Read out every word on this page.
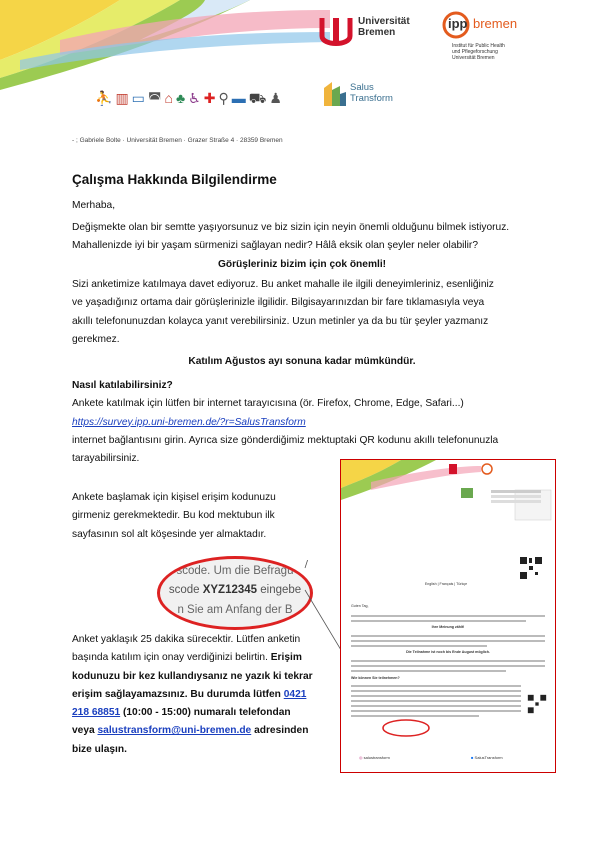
⛹ ▥ ▭ ◚ ⌂ ♣ ♿ ✚ ⚲ ▬ ⛟ ♟
Universität
Bremen
ipp bremen
Institut für Public Health
und Pflegeforschung
Universität Bremen
Salus
Transform
- ; Gabriele Bolte · Universität Bremen · Grazer Straße 4 · 28359 Bremen
Çalışma Hakkında Bilgilendirme
Merhaba,
Değişmekte olan bir semtte yaşıyorsunuz ve biz sizin için neyin önemli olduğunu bilmek istiyoruz.
Mahallenizde iyi bir yaşam sürmenizi sağlayan nedir? Hâlâ eksik olan şeyler neler olabilir?
Görüşleriniz bizim için çok önemli!
Sizi anketimize katılmaya davet ediyoruz. Bu anket mahalle ile ilgili deneyimleriniz, esenliğiniz
ve yaşadığınız ortama dair görüşlerinizle ilgilidir. Bilgisayarınızdan bir fare tıklamasıyla veya
akıllı telefonunuzdan kolayca yanıt verebilirsiniz. Uzun metinler ya da bu tür şeyler yazmanız
gerekmez.
Katılım Ağustos ayı sonuna kadar mümkündür.
Nasıl katılabilirsiniz?
Ankete katılmak için lütfen bir internet tarayıcısına (ör. Firefox, Chrome, Edge, Safari...)
https://survey.ipp.uni-bremen.de/?r=SalusTransform
internet bağlantısını girin. Ayrıca size gönderdiğimiz mektuptaki QR kodunu akıllı telefonunuzla
tarayabilirsiniz.
Ankete başlamak için kişisel erişim kodunuzu
girmeniz gerekmektedir. Bu kod mektubun ilk
sayfasının sol alt köşesinde yer almaktadır.
scode. Um die Befragu
scode XYZ12345 eingebe
n Sie am Anfang der B
Anket yaklaşık 25 dakika sürecektir. Lütfen anketin
başında katılım için onay verdiğinizi belirtin. Erişim
kodunuzu bir kez kullandıysanız ne yazık ki tekrar
erişim sağlayamazsınız. Bu durumda lütfen 0421
218 68851 (10:00 - 15:00) numaralı telefondan
veya salustransform@uni-bremen.de adresinden
bize ulaşın.
English | Français | Türkçe
Guten Tag,
Ihre Meinung zählt!
Die Teilnahme ist noch bis Ende August möglich.
Wie können Sie teilnehmen?
◎ salustransform	■ SalusTransform
